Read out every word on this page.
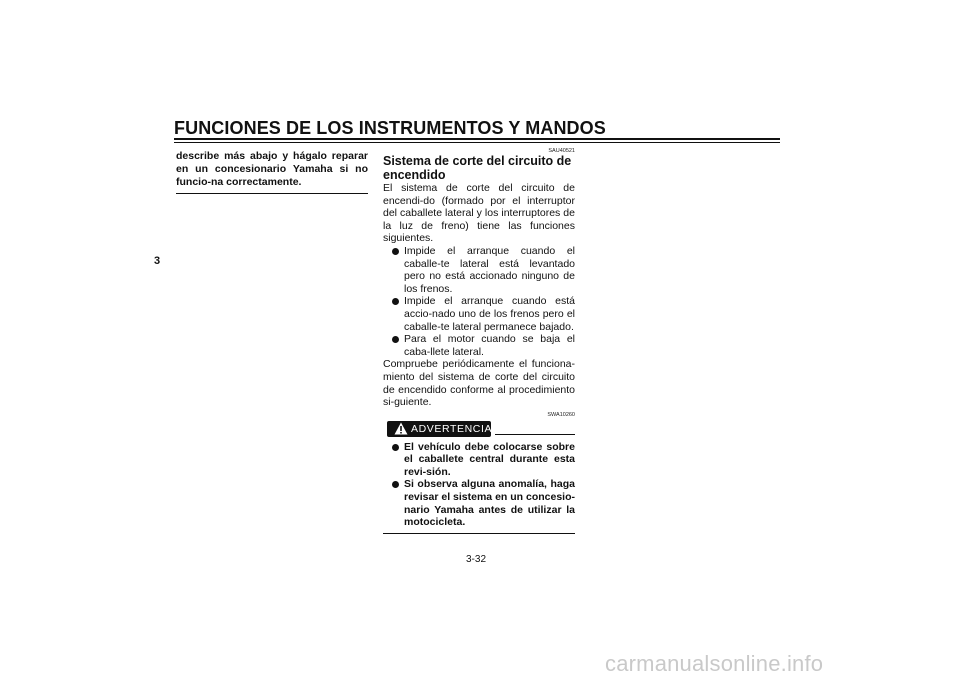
FUNCIONES DE LOS INSTRUMENTOS Y MANDOS
3

describe más abajo y hágalo reparar en un concesionario Yamaha si no funcio-na correctamente.

SAU40521
Sistema de corte del circuito de
encendido

El sistema de corte del circuito de encendi-do (formado por el interruptor del caballete lateral y los interruptores de la luz de freno) tiene las funciones siguientes.

Impide el arranque cuando el caballe-te lateral está levantado pero no está accionado ninguno de los frenos.
Impide el arranque cuando está accio-nado uno de los frenos pero el caballe-te lateral permanece bajado.
Para el motor cuando se baja el caba-llete lateral.

Compruebe periódicamente el funciona-miento del sistema de corte del circuito de encendido conforme al procedimiento si-guiente.

SWA10260
ADVERTENCIA
El vehículo debe colocarse sobre el caballete central durante esta revi-sión.
Si observa alguna anomalía, haga revisar el sistema en un concesio-nario Yamaha antes de utilizar la motocicleta.
3-32
carmanualsonline.info
